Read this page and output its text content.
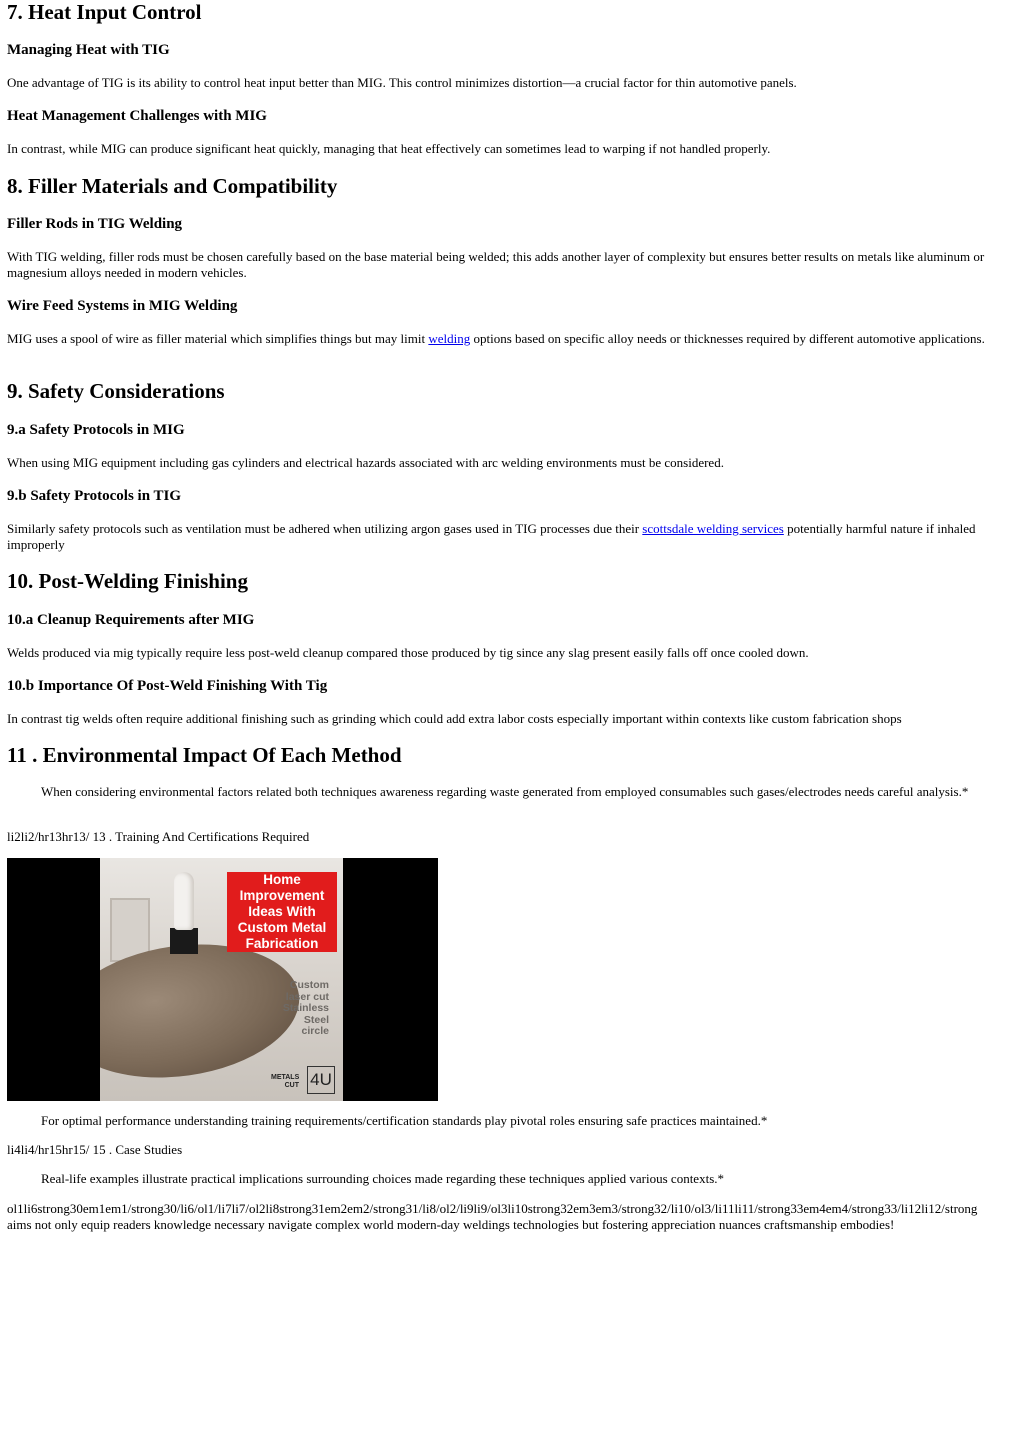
7. Heat Input Control
Managing Heat with TIG

One advantage of TIG is its ability to control heat input better than MIG. This control minimizes distortion—a crucial factor for thin automotive panels.

Heat Management Challenges with MIG

In contrast, while MIG can produce significant heat quickly, managing that heat effectively can sometimes lead to warping if not handled properly.

8. Filler Materials and Compatibility
Filler Rods in TIG Welding

With TIG welding, filler rods must be chosen carefully based on the base material being welded; this adds another layer of complexity but ensures better results on metals like aluminum or magnesium alloys needed in modern vehicles.

Wire Feed Systems in MIG Welding

MIG uses a spool of wire as filler material which simplifies things but may limit welding options based on specific alloy needs or thicknesses required by different automotive applications.

9. Safety Considerations
9.a Safety Protocols in MIG

When using MIG equipment including gas cylinders and electrical hazards associated with arc welding environments must be considered.

9.b Safety Protocols in TIG

Similarly safety protocols such as ventilation must be adhered when utilizing argon gases used in TIG processes due their scottsdale welding services potentially harmful nature if inhaled improperly

10. Post-Welding Finishing
10.a Cleanup Requirements after MIG

Welds produced via mig typically require less post-weld cleanup compared those produced by tig since any slag present easily falls off once cooled down.

10.b Importance Of Post-Weld Finishing With Tig

In contrast tig welds often require additional finishing such as grinding which could add extra labor costs especially important within contexts like custom fabrication shops

11 . Environmental Impact Of Each Method

When considering environmental factors related both techniques awareness regarding waste generated from employed consumables such gases/electrodes needs careful analysis.*

li2li2/hr13hr13/ 13 . Training And Certifications Required

Home
Improvement
Ideas With
Custom Metal
Fabrication
Custom
laser cut
Stainless
Steel
circle
METALS
CUT 4U

For optimal performance understanding training requirements/certification standards play pivotal roles ensuring safe practices maintained.*

li4li4/hr15hr15/ 15 . Case Studies

Real-life examples illustrate practical implications surrounding choices made regarding these techniques applied various contexts.*

ol1li6strong30em1em1/strong30/li6/ol1/li7li7/ol2li8strong31em2em2/strong31/li8/ol2/li9li9/ol3li10strong32em3em3/strong32/li10/ol3/li11li11/strong33em4em4/strong33/li12li12/strong

aims not only equip readers knowledge necessary navigate complex world modern-day weldings technologies but fostering appreciation nuances craftsmanship embodies!
